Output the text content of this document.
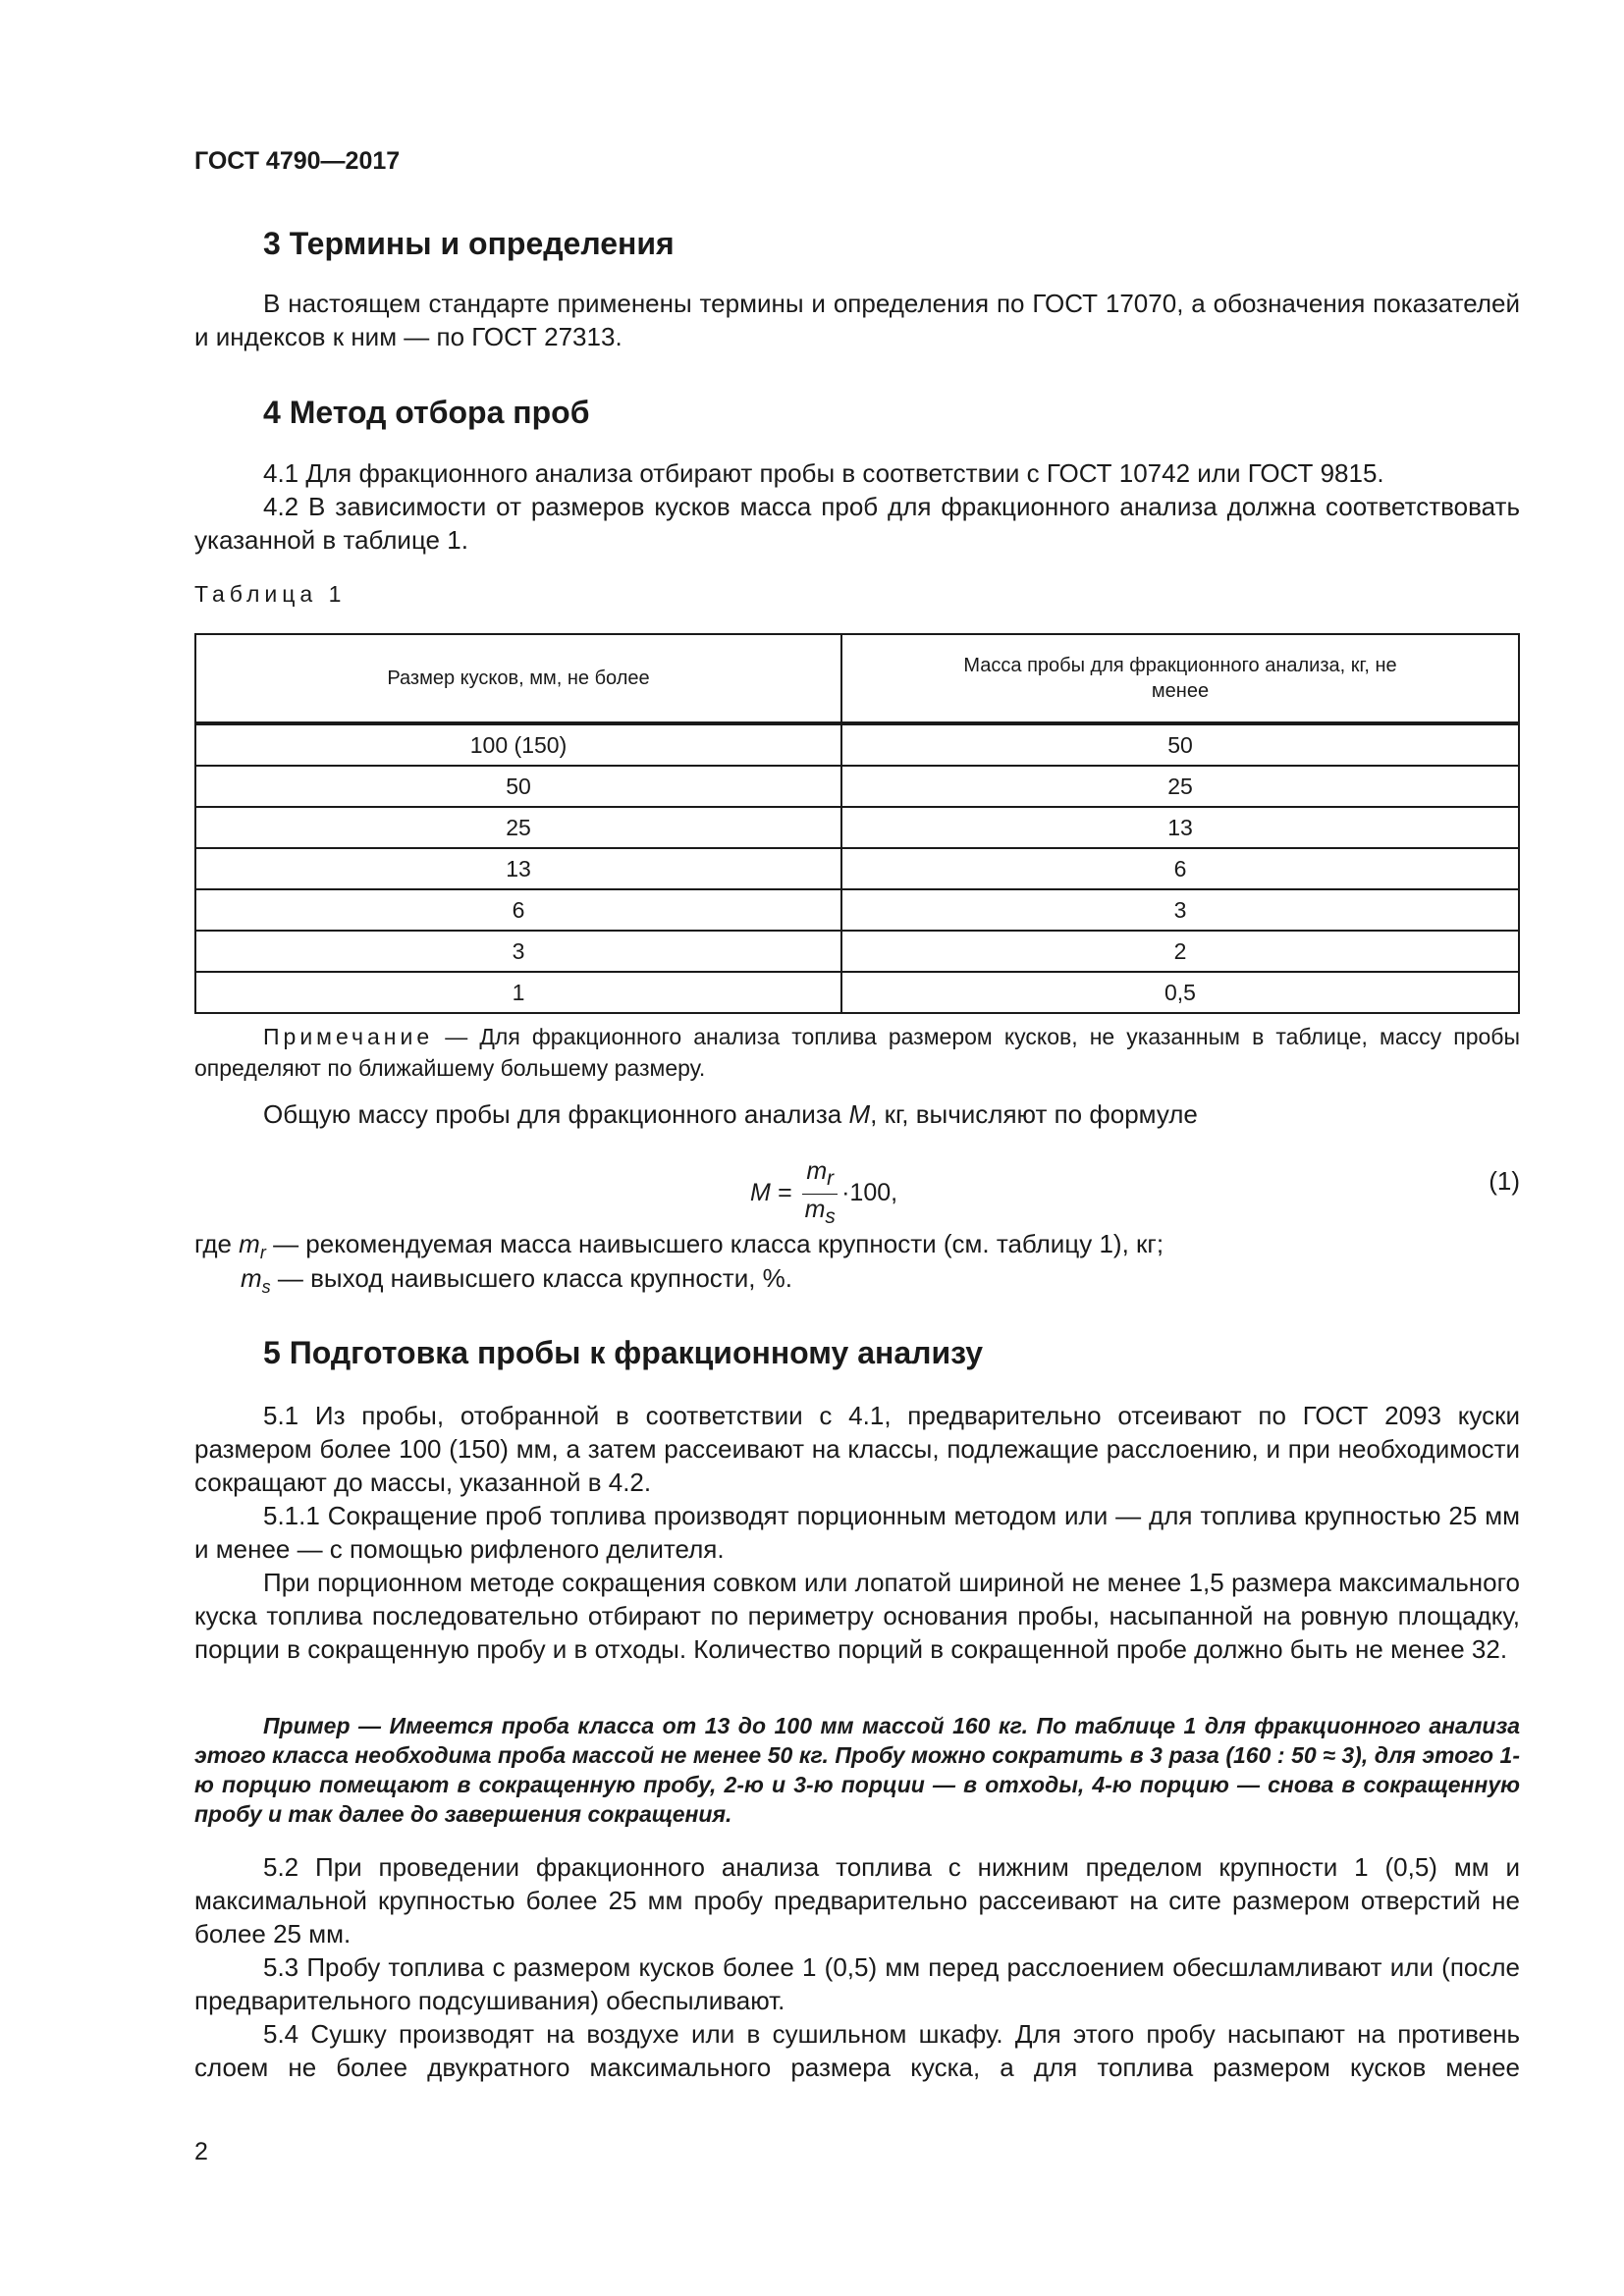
ГОСТ 4790—2017
3 Термины и определения

В настоящем стандарте применены термины и определения по ГОСТ 17070, а обозначения показателей и индексов к ним — по ГОСТ 27313.

4 Метод отбора проб

4.1 Для фракционного анализа отбирают пробы в соответствии с ГОСТ 10742 или ГОСТ 9815.

4.2 В зависимости от размеров кусков масса проб для фракционного анализа должна соответствовать указанной в таблице 1.

Таблица 1
Размер кусков, мм, не более	Масса пробы для фракционного анализа, кг, не менее

100 (150)	50
50	25
25	13
13	6
6	3
3	2
1	0,5
Примечание — Для фракционного анализа топлива размером кусков, не указанным в таблице, массу пробы определяют по ближайшему большему размеру.
Общую массу пробы для фракционного анализа M, кг, вычисляют по формуле
$M = \frac{m_r}{m_s} \cdot 100$,	(1)
где $m_r$ — рекомендуемая масса наивысшего класса крупности (см. таблицу 1), кг;
$m_s$ — выход наивысшего класса крупности, %.
5 Подготовка пробы к фракционному анализу

5.1 Из пробы, отобранной в соответствии с 4.1, предварительно отсеивают по ГОСТ 2093 куски размером более 100 (150) мм, а затем рассеивают на классы, подлежащие расслоению, и при необходимости сокращают до массы, указанной в 4.2.

5.1.1 Сокращение проб топлива производят порционным методом или — для топлива крупностью 25 мм и менее — с помощью рифленого делителя.

При порционном методе сокращения совком или лопатой шириной не менее 1,5 размера максимального куска топлива последовательно отбирают по периметру основания пробы, насыпанной на ровную площадку, порции в сокращенную пробу и в отходы. Количество порций в сокращенной пробе должно быть не менее 32.

Пример — Имеется проба класса от 13 до 100 мм массой 160 кг. По таблице 1 для фракционного анализа этого класса необходима проба массой не менее 50 кг. Пробу можно сократить в 3 раза (160 : 50 ≈ 3), для этого 1-ю порцию помещают в сокращенную пробу, 2-ю и 3-ю порции — в отходы, 4-ю порцию — снова в сокращенную пробу и так далее до завершения сокращения.

5.2 При проведении фракционного анализа топлива с нижним пределом крупности 1 (0,5) мм и максимальной крупностью более 25 мм пробу предварительно рассеивают на сите размером отверстий не более 25 мм.

5.3 Пробу топлива с размером кусков более 1 (0,5) мм перед расслоением обесшламливают или (после предварительного подсушивания) обеспыливают.

5.4 Сушку производят на воздухе или в сушильном шкафу. Для этого пробу насыпают на противень слоем не более двукратного максимального размера куска, а для топлива размером кусков менее

2
